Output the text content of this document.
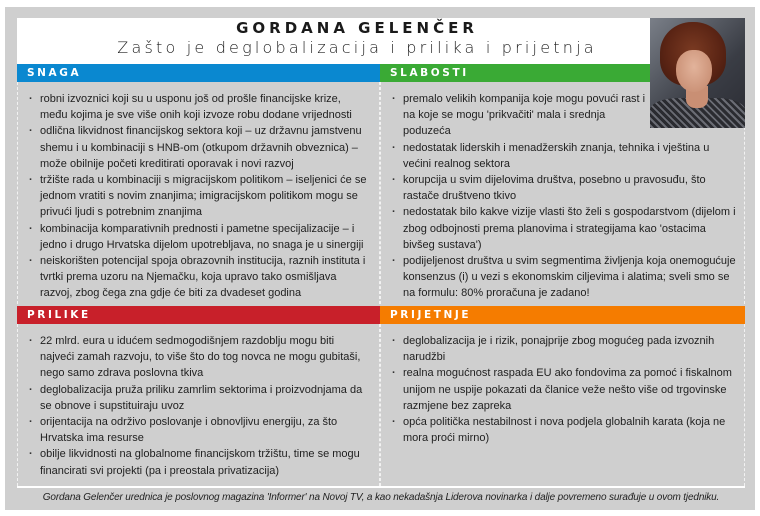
GORDANA GELENČER
Zašto je deglobalizacija i prilika i prijetnja
SNAGA
· robni izvoznici koji su u usponu još od prošle financijske krize, među kojima je sve više onih koji izvoze robu dodane vrijednosti
· odlična likvidnost financijskog sektora koji – uz državnu jamstvenu shemu i u kombinaciji s HNB-om (otkupom državnih obveznica) – može obilnije početi kreditirati oporavak i novi razvoj
· tržište rada u kombinaciji s migracijskom politikom – iseljenici će se jednom vratiti s novim znanjima; imigracijskom politikom mogu se privući ljudi s potrebnim znanjima
· kombinacija komparativnih prednosti i pametne specijalizacije – i jedno i drugo Hrvatska dijelom upotrebljava, no snaga je u sinergiji
· neiskorišten potencijal spoja obrazovnih institucija, raznih instituta i tvrtki prema uzoru na Njemačku, koja upravo tako osmišljava razvoj, zbog čega zna gdje će biti za dvadeset godina
SLABOSTI
· premalo velikih kompanija koje mogu povući rast i na koje se mogu 'prikvačiti' mala i srednja poduzeća
· nedostatak liderskih i menadžerskih znanja, tehnika i vještina u većini realnog sektora
· korupcija u svim dijelovima društva, posebno u pravosuđu, što rastače društveno tkivo
· nedostatak bilo kakve vizije vlasti što želi s gospodarstvom (dijelom i zbog odbojnosti prema planovima i strategijama kao 'ostacima bivšeg sustava')
· podijeljenost društva u svim segmentima življenja koja onemogućuje konsenzus (i) u vezi s ekonomskim ciljevima i alatima; sveli smo se na formulu: 80% proračuna je zadano!
PRILIKE
· 22 mlrd. eura u idućem sedmogodišnjem razdoblju mogu biti najveći zamah razvoju, to više što do tog novca ne mogu gubitaši, nego samo zdrava poslovna tkiva
· deglobalizacija pruža priliku zamrlim sektorima i proizvodnjama da se obnove i supstituiraju uvoz
· orijentacija na održivo poslovanje i obnovljivu energiju, za što Hrvatska ima resurse
· obilje likvidnosti na globalnome financijskom tržištu, time se mogu financirati svi projekti (pa i preostala privatizacija)
PRIJETNJE
· deglobalizacija je i rizik, ponajprije zbog mogućeg pada izvoznih narudžbi
· realna mogućnost raspada EU ako fondovima za pomoć i fiskalnom unijom ne uspije pokazati da članice veže nešto više od trgovinske razmjene bez zapreka
· opća politička nestabilnost i nova podjela globalnih karata (koja ne mora proći mirno)
Gordana Gelenčer urednica je poslovnog magazina 'Informer' na Novoj TV, a kao nekadašnja Liderova novinarka i dalje povremeno surađuje u ovom tjedniku.
